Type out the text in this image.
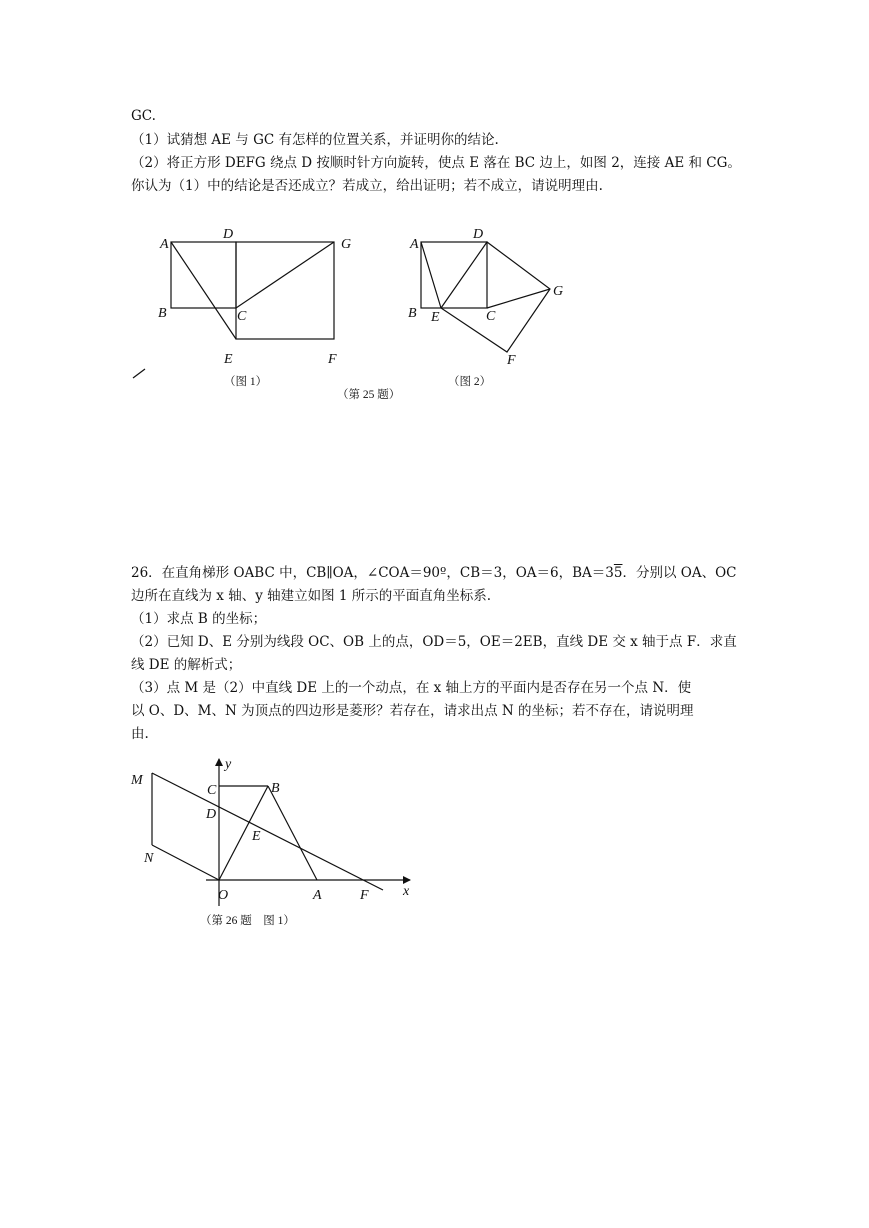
GC.
（1）试猜想 AE 与 GC 有怎样的位置关系，并证明你的结论.
（2）将正方形 DEFG 绕点 D 按顺时针方向旋转，使点 E 落在 BC 边上，如图 2，连接 AE 和 CG。
你认为（1）中的结论是否还成立？若成立，给出证明；若不成立，请说明理由.
A
D
G
B	C
E	F
（图 1）
A
D
G
B E	C
F
（图 2）
（第 25 题）
26．在直角梯形 OABC 中，CB∥OA，∠COA＝90º，CB＝3，OA＝6，BA＝35．分别以 OA、OC
边所在直线为 x 轴、y 轴建立如图 1 所示的平面直角坐标系.
（1）求点 B 的坐标；
（2）已知 D、E 分别为线段 OC、OB 上的点，OD＝5，OE＝2EB，直线 DE 交 x 轴于点 F．求直
线 DE 的解析式；
（3）点 M 是（2）中直线 DE 上的一个动点，在 x 轴上方的平面内是否存在另一个点 N．使
以 O、D、M、N 为顶点的四边形是菱形？若存在，请求出点 N 的坐标；若不存在，请说明理
由.
y
x
M
C	B
D
E
N
O	A	F
（第 26 题　图 1）
